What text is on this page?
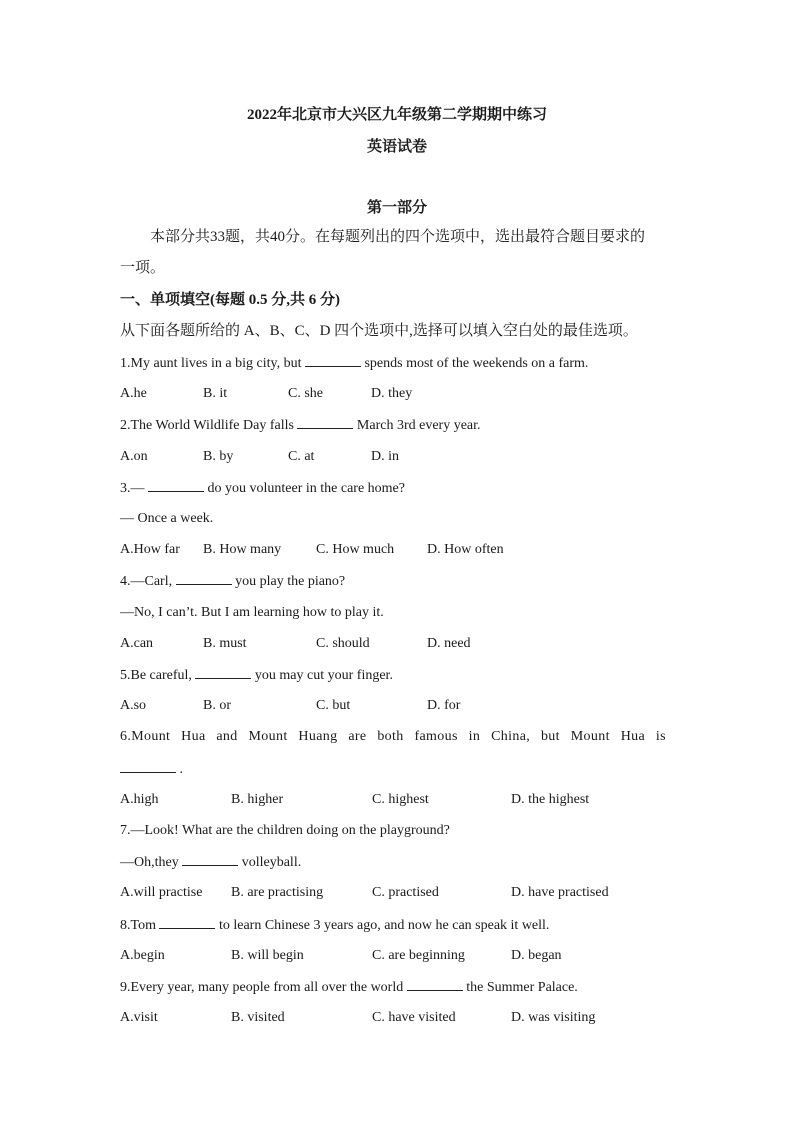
2022年北京市大兴区九年级第二学期期中练习
英语试卷
第一部分
本部分共33题，共40分。在每题列出的四个选项中，选出最符合题目要求的
一项。
一、单项填空(每题 0.5 分,共 6 分)
从下面各题所给的 A、B、C、D 四个选项中,选择可以填入空白处的最佳选项。
1.My aunt lives in a big city, but	spends most of the weekends on a farm.
A.he	B. it	C. she	D. they
2.The World Wildlife Day falls	March 3rd every year.
A.on	B. by	C. at	D. in
3.—	do you volunteer in the care home?
— Once a week.
A.How far B. How many C. How much D. How often
4.—Carl,	you play the piano?
—No, I can’t. But I am learning how to play it.
A.can	B. must	C. should	D. need
5.Be careful,	you may cut your finger.
A.so	B. or	C. but	D. for
6.Mount Hua and Mount Huang are both famous in China, but Mount Hua is
.
A.high	B. higher	C. highest	D. the highest
7.—Look! What are the children doing on the playground?
—Oh,they	volleyball.
A.will practise B. are practising	C. practised	D. have practised
8.Tom	to learn Chinese 3 years ago, and now he can speak it well.
A.begin	B. will begin	C. are beginning	D. began
9.Every year, many people from all over the world	the Summer Palace.
A.visit	B. visited	C. have visited	D. was visiting
